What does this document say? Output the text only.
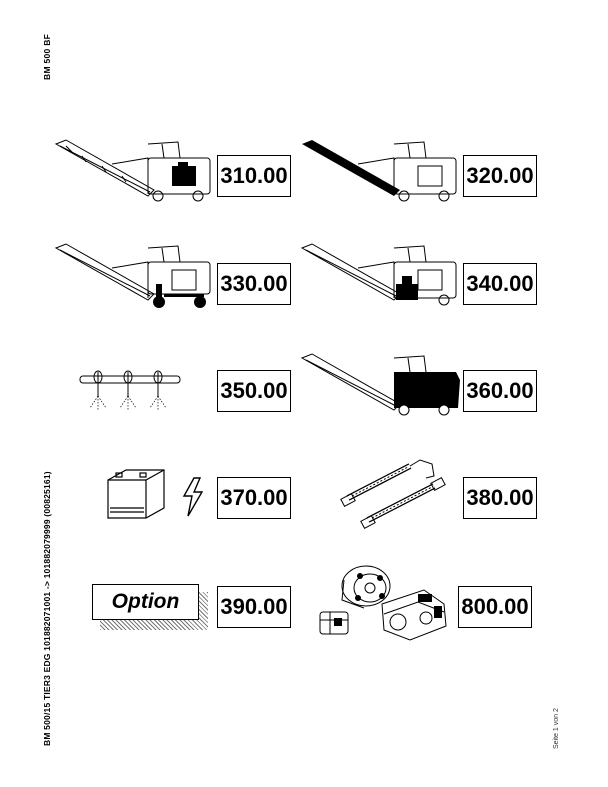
BM 500 BF
BM 500/15 TIER3 EDG 101882071001 -> 101882079999 (00825161)	Seite 1 von 2
310.00	320.00
330.00	340.00
350.00	360.00
370.00	380.00
Option	390.00	800.00
